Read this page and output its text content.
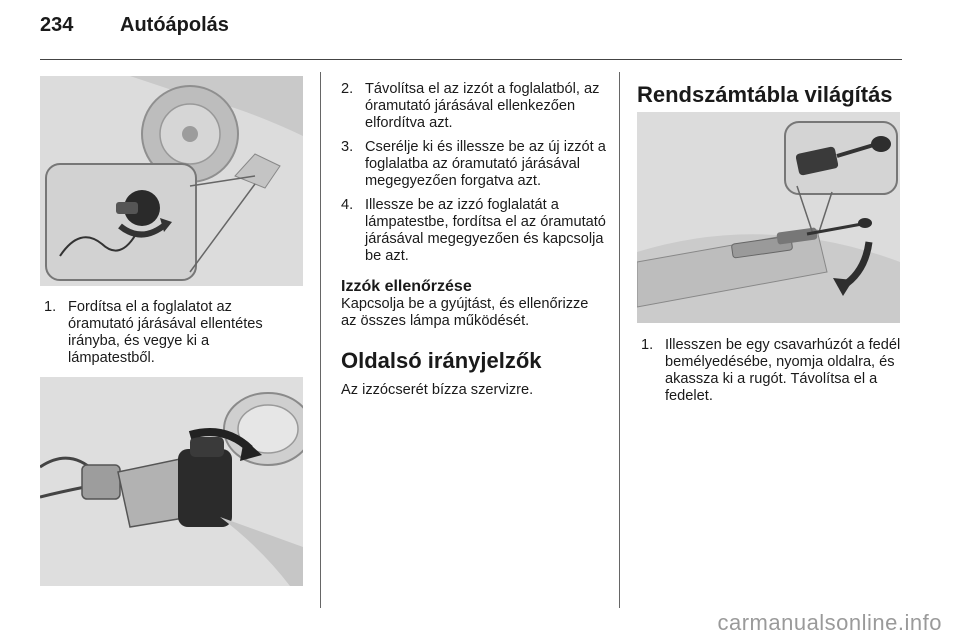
234 Autóápolás
1. Fordítsa el a foglalatot az óramutató járásával ellentétes irányba, és vegye ki a lámpatestből.
2. Távolítsa el az izzót a foglalatból, az óramutató járásával ellenkezően elfordítva azt.
3. Cserélje ki és illessze be az új izzót a foglalatba az óramutató járásával megegyezően forgatva azt.
4. Illessze be az izzó foglalatát a lámpatestbe, fordítsa el az óramutató járásával megegyezően és kapcsolja be azt.
Izzók ellenőrzése

Kapcsolja be a gyújtást, és ellenőrizze az összes lámpa működését.

Oldalsó irányjelzők

Az izzócserét bízza szervizre.

Rendszámtábla világítás
1. Illesszen be egy csavarhúzót a fedél bemélyedésébe, nyomja oldalra, és akassza ki a rugót. Távolítsa el a fedelet.
carmanualsonline.info
